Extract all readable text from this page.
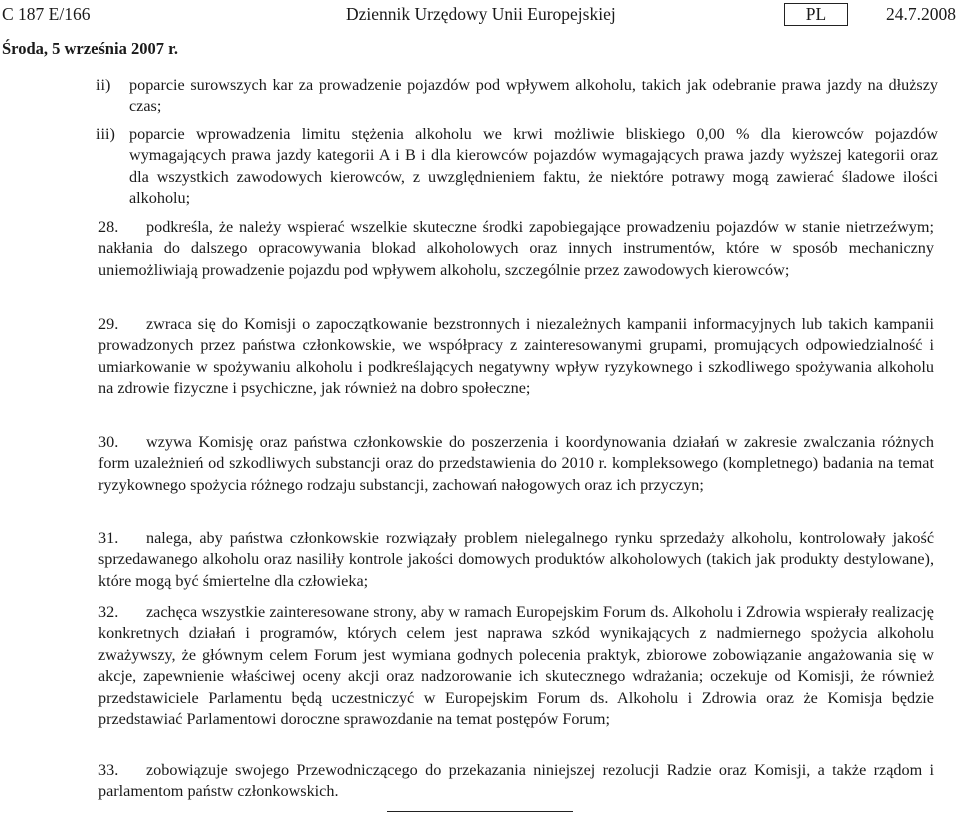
C 187 E/166	Dziennik Urzędowy Unii Europejskiej	PL	24.7.2008
Środa, 5 września 2007 r.
ii) poparcie surowszych kar za prowadzenie pojazdów pod wpływem alkoholu, takich jak odebranie prawa jazdy na dłuższy czas;
iii) poparcie wprowadzenia limitu stężenia alkoholu we krwi możliwie bliskiego 0,00 % dla kierowców pojazdów wymagających prawa jazdy kategorii A i B i dla kierowców pojazdów wymagających prawa jazdy wyższej kategorii oraz dla wszystkich zawodowych kierowców, z uwzględnieniem faktu, że niektóre potrawy mogą zawierać śladowe ilości alkoholu;
28. podkreśla, że należy wspierać wszelkie skuteczne środki zapobiegające prowadzeniu pojazdów w stanie nietrzeźwym; nakłania do dalszego opracowywania blokad alkoholowych oraz innych instrumentów, które w sposób mechaniczny uniemożliwiają prowadzenie pojazdu pod wpływem alkoholu, szczególnie przez zawodowych kierowców;
29. zwraca się do Komisji o zapoczątkowanie bezstronnych i niezależnych kampanii informacyjnych lub takich kampanii prowadzonych przez państwa członkowskie, we współpracy z zainteresowanymi grupami, promujących odpowiedzialność i umiarkowanie w spożywaniu alkoholu i podkreślających negatywny wpływ ryzykownego i szkodliwego spożywania alkoholu na zdrowie fizyczne i psychiczne, jak również na dobro społeczne;
30. wzywa Komisję oraz państwa członkowskie do poszerzenia i koordynowania działań w zakresie zwalczania różnych form uzależnień od szkodliwych substancji oraz do przedstawienia do 2010 r. kompleksowego (kompletnego) badania na temat ryzykownego spożycia różnego rodzaju substancji, zachowań nałogowych oraz ich przyczyn;
31. nalega, aby państwa członkowskie rozwiązały problem nielegalnego rynku sprzedaży alkoholu, kontrolowały jakość sprzedawanego alkoholu oraz nasiliły kontrole jakości domowych produktów alkoholowych (takich jak produkty destylowane), które mogą być śmiertelne dla człowieka;
32. zachęca wszystkie zainteresowane strony, aby w ramach Europejskim Forum ds. Alkoholu i Zdrowia wspierały realizację konkretnych działań i programów, których celem jest naprawa szkód wynikających z nadmiernego spożycia alkoholu zważywszy, że głównym celem Forum jest wymiana godnych polecenia praktyk, zbiorowe zobowiązanie angażowania się w akcje, zapewnienie właściwej oceny akcji oraz nadzorowanie ich skutecznego wdrażania; oczekuje od Komisji, że również przedstawiciele Parlamentu będą uczestniczyć w Europejskim Forum ds. Alkoholu i Zdrowia oraz że Komisja będzie przedstawiać Parlamentowi doroczne sprawozdanie na temat postępów Forum;
33. zobowiązuje swojego Przewodniczącego do przekazania niniejszej rezolucji Radzie oraz Komisji, a także rządom i parlamentom państw członkowskich.
